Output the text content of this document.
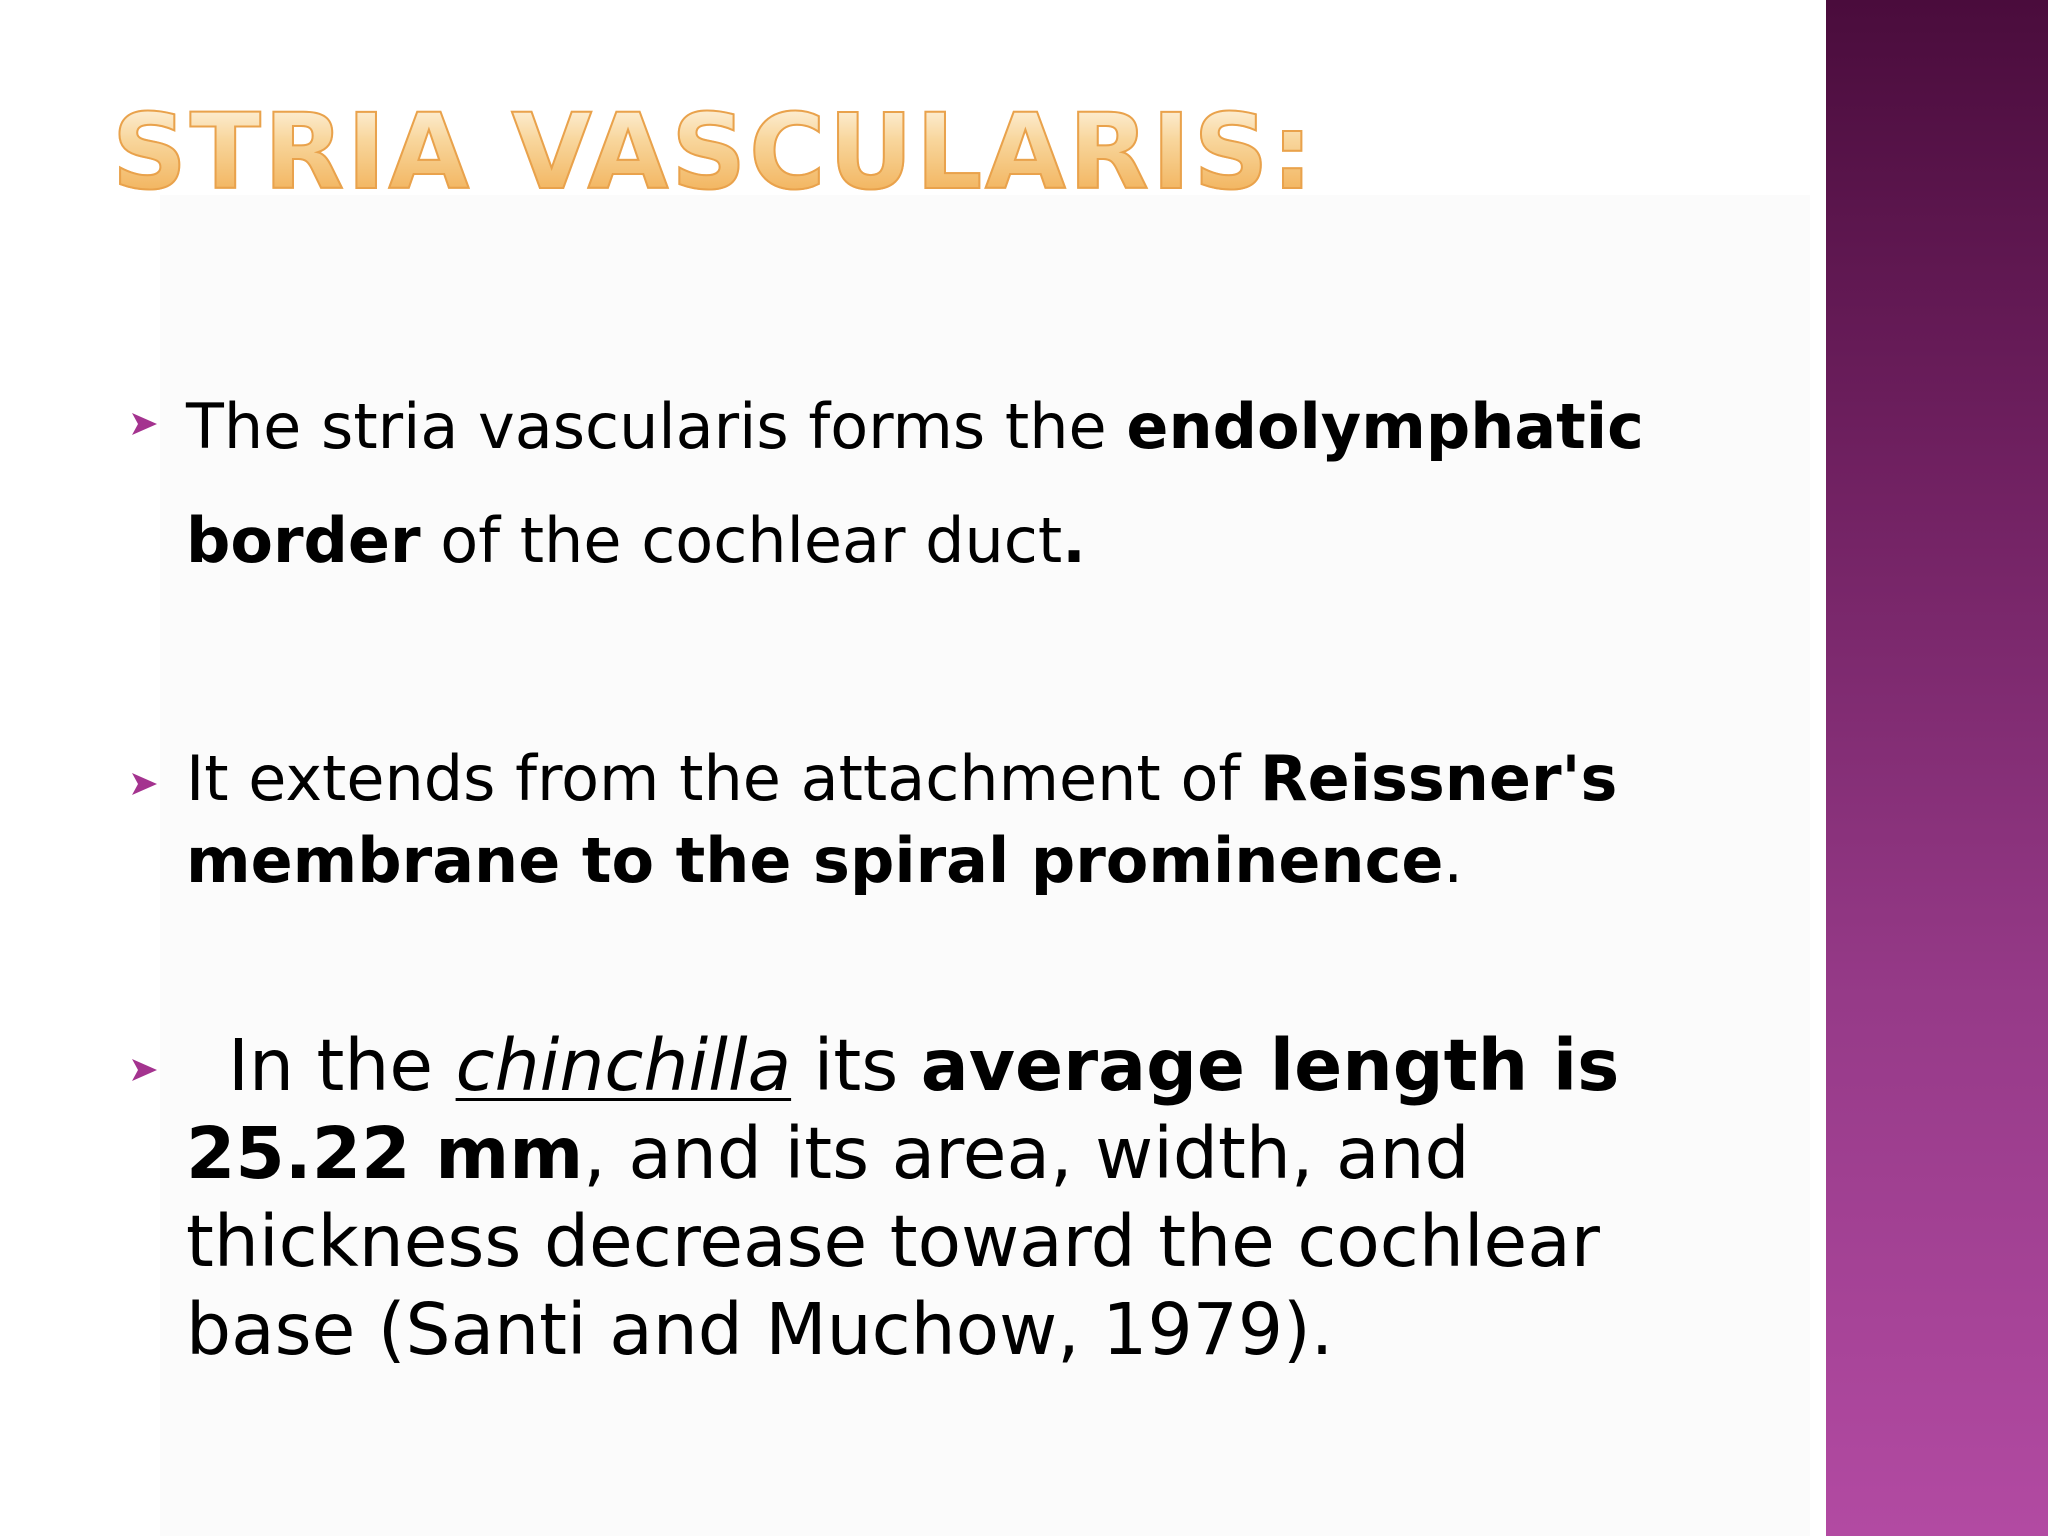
STRIA VASCULARIS:

The stria vascularis forms the endolymphatic border of the cochlear duct.

It extends from the attachment of Reissner's membrane to the spiral prominence.

In the chinchilla its average length is 25.22 mm, and its area, width, and thickness decrease toward the cochlear base (Santi and Muchow, 1979).
